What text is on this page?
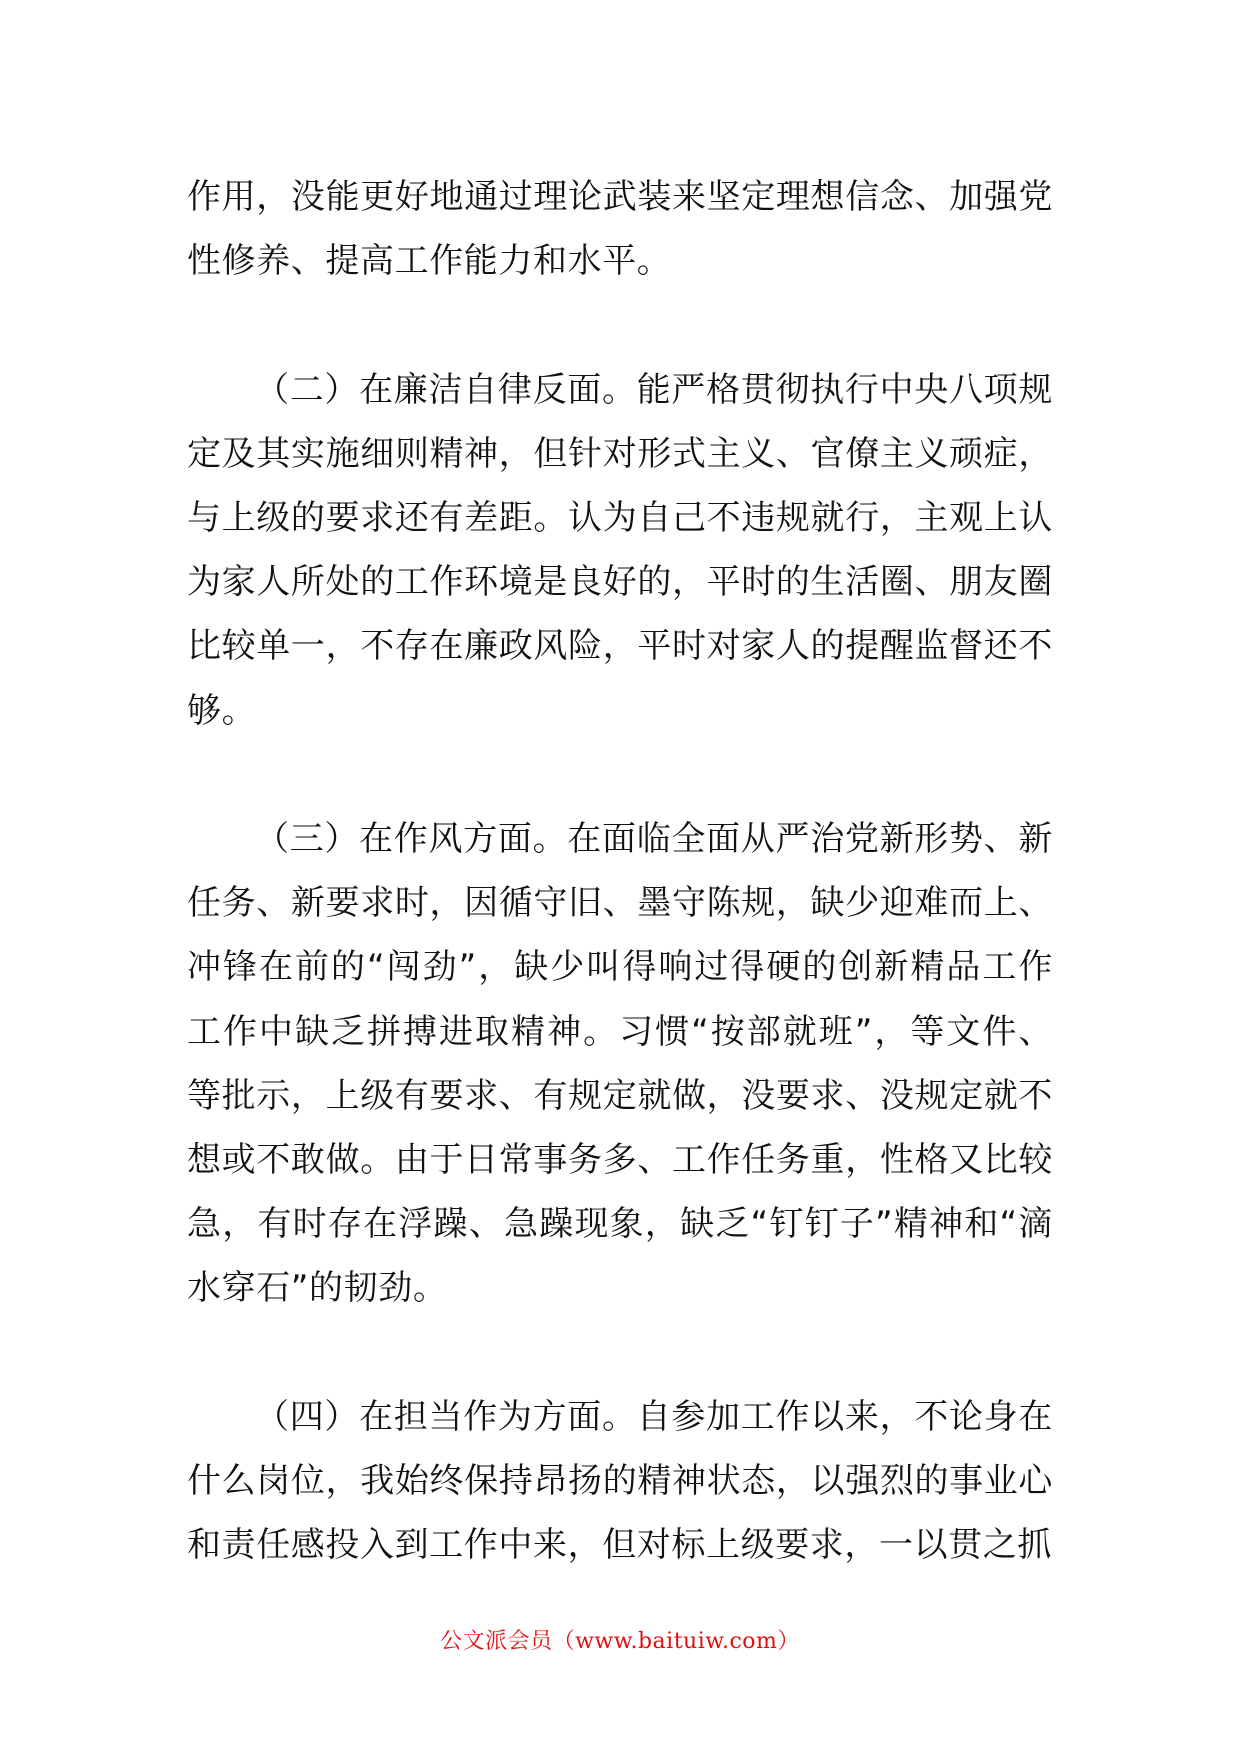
作用，没能更好地通过理论武装来坚定理想信念、加强党性修养、提高工作能力和水平。

（二）在廉洁自律反面。能严格贯彻执行中央八项规定及其实施细则精神，但针对形式主义、官僚主义顽症，与上级的要求还有差距。认为自己不违规就行，主观上认为家人所处的工作环境是良好的，平时的生活圈、朋友圈比较单一，不存在廉政风险，平时对家人的提醒监督还不够。

（三）在作风方面。在面临全面从严治党新形势、新任务、新要求时，因循守旧、墨守陈规，缺少迎难而上、冲锋在前的“闯劲”，缺少叫得响过得硬的创新精品工作工作中缺乏拼搏进取精神。习惯“按部就班”，等文件、等批示，上级有要求、有规定就做，没要求、没规定就不想或不敢做。由于日常事务多、工作任务重，性格又比较急，有时存在浮躁、急躁现象，缺乏“钉钉子”精神和“滴水穿石”的韧劲。

（四）在担当作为方面。自参加工作以来，不论身在什么岗位，我始终保持昂扬的精神状态，以强烈的事业心和责任感投入到工作中来，但对标上级要求，一以贯之抓

公文派会员（www.baituiw.com）
